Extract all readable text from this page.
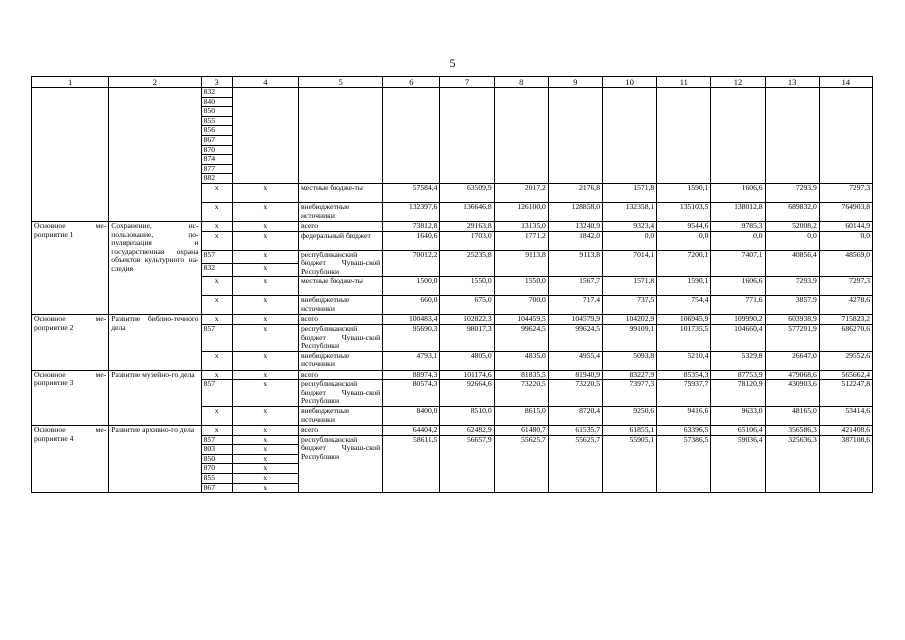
5
1	2	3	4	5	6	7	8	9	10	11	12	13	14
		832											
		840											
		850											
		855											
		856											
		867											
		870											
		874											
		877											
		882											
		x	x	местные бюдже-ты	57584,4	63509,9	2017,2	2176,8	1571,8	1590,1	1606,6	7293,9	7297,3
		x	x	внебюджетные источники	132397,6	136646,8	126100,0	128858,0	132358,1	135103,5	138012,8	689832,0	764903,8
Основное ме-роприятие 1	Сохранение, ис-пользование, по-пуляризация и государственная охрана объектов культурного на-следия	x	x	всего	73812,8	29163,8	13135,0	13240,9	9323,4	9544,6	9785,3	52008,2	60144,9
		x	x	федеральный бюджет	1640,6	1703,0	1771,2	1842,0	0,0	0,0	0,0	0,0	0,0
		857	x	республиканский бюджет Чуваш-ской Республики	70012,2	25235,8	9113,8	9113,8	7014,1	7200,1	7407,1	40856,4	48569,0
		832	x										
		x	x	местные бюдже-ты	1500,0	1550,0	1550,0	1567,7	1571,8	1590,1	1606,6	7293,9	7297,3
		x	x	внебюджетные источники	660,0	675,0	700,0	717,4	737,5	754,4	771,6	3857,9	4278,6
Основное ме-роприятие 2	Развитие библио-течного дела	x	x	всего	100483,4	102822,3	104459,5	104579,9	104202,9	106945,9	109990,2	603938,9	715823,2
		857	x	республиканский бюджет Чуваш-ской Республики	95690,3	98017,3	99624,5	99624,5	99109,1	101735,5	104660,4	577291,9	686270,6
		x	x	внебюджетные источники	4793,1	4805,0	4835,0	4955,4	5093,8	5210,4	5329,8	26647,0	29552,6
Основное ме-роприятие 3	Развитие музейно-го дела	x	x	всего	88974,3	101174,6	81835,5	81940,9	83227,9	85354,3	87753,9	479068,6	565662,4
		857	x	республиканский бюджет Чуваш-ской Республики	80574,3	92664,6	73220,5	73220,5	73977,3	75937,7	78120,9	430903,6	512247,8
		x	x	внебюджетные источники	8400,0	8510,0	8615,0	8720,4	9250,6	9416,6	9633,0	48165,0	53414,6
Основное ме-роприятие 4	Развитие архивно-го дела	x	x	всего	64404,2	62482,9	61480,7	61535,7	61855,1	63396,5	65106,4	356586,3	421408,6
		857	x	республиканский бюджет Чуваш-ской Республики	58611,5	56657,9	55625,7	55625,7	55905,1	57386,5	59036,4	325636,3	387108,6
		803	x										
		850	x										
		870	x										
		855	x										
		867	x										
